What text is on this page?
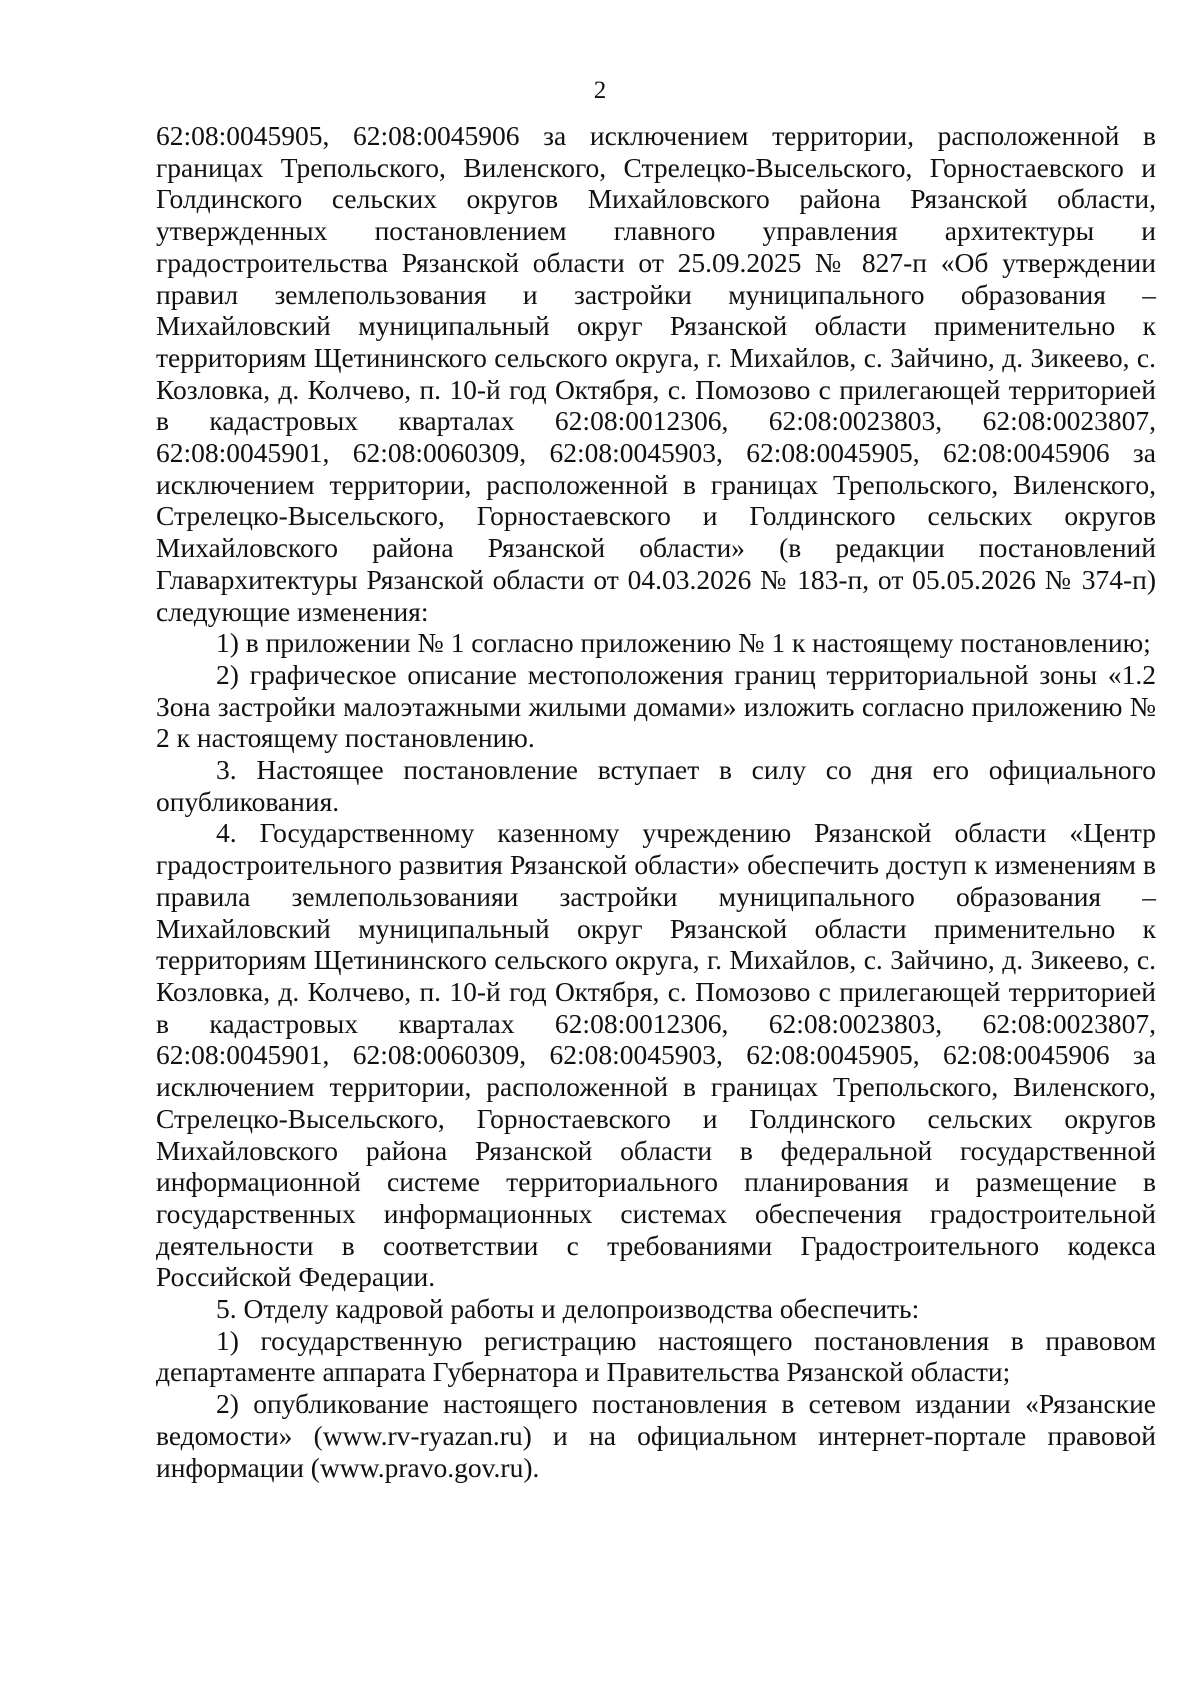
2

62:08:0045905, 62:08:0045906 за исключением территории, расположенной в границах Трепольского, Виленского, Стрелецко-Высельского, Горностаевского и Голдинского сельских округов Михайловского района Рязанской области, утвержденных постановлением главного управления архитектуры и градостроительства Рязанской области от 25.09.2025 № 827-п «Об утверждении правил землепользования и застройки муниципального образования – Михайловский муниципальный округ Рязанской области применительно к территориям Щетининского сельского округа, г. Михайлов, с. Зайчино, д. Зикеево, с. Козловка, д. Колчево, п. 10-й год Октября, с. Помозово с прилегающей территорией в кадастровых кварталах 62:08:0012306, 62:08:0023803, 62:08:0023807, 62:08:0045901, 62:08:0060309, 62:08:0045903, 62:08:0045905, 62:08:0045906 за исключением территории, расположенной в границах Трепольского, Виленского, Стрелецко-Высельского, Горностаевского и Голдинского сельских округов Михайловского района Рязанской области» (в редакции постановлений Главархитектуры Рязанской области от 04.03.2026 № 183-п, от 05.05.2026 № 374-п) следующие изменения:

1) в приложении № 1 согласно приложению № 1 к настоящему постановлению;

2) графическое описание местоположения границ территориальной зоны «1.2 Зона застройки малоэтажными жилыми домами» изложить согласно приложению № 2 к настоящему постановлению.

3. Настоящее постановление вступает в силу со дня его официального опубликования.

4. Государственному казенному учреждению Рязанской области «Центр градостроительного развития Рязанской области» обеспечить доступ к изменениям в правила землепользованияи застройки муниципального образования – Михайловский муниципальный округ Рязанской области применительно к территориям Щетининского сельского округа, г. Михайлов, с. Зайчино, д. Зикеево, с. Козловка, д. Колчево, п. 10-й год Октября, с. Помозово с прилегающей территорией в кадастровых кварталах 62:08:0012306, 62:08:0023803, 62:08:0023807, 62:08:0045901, 62:08:0060309, 62:08:0045903, 62:08:0045905, 62:08:0045906 за исключением территории, расположенной в границах Трепольского, Виленского, Стрелецко-Высельского, Горностаевского и Голдинского сельских округов Михайловского района Рязанской области в федеральной государственной информационной системе территориального планирования и размещение в государственных информационных системах обеспечения градостроительной деятельности в соответствии с требованиями Градостроительного кодекса Российской Федерации.

5. Отделу кадровой работы и делопроизводства обеспечить:

1) государственную регистрацию настоящего постановления в правовом департаменте аппарата Губернатора и Правительства Рязанской области;

2) опубликование настоящего постановления в сетевом издании «Рязанские ведомости» (www.rv-ryazan.ru) и на официальном интернет-портале правовой информации (www.pravo.gov.ru).
